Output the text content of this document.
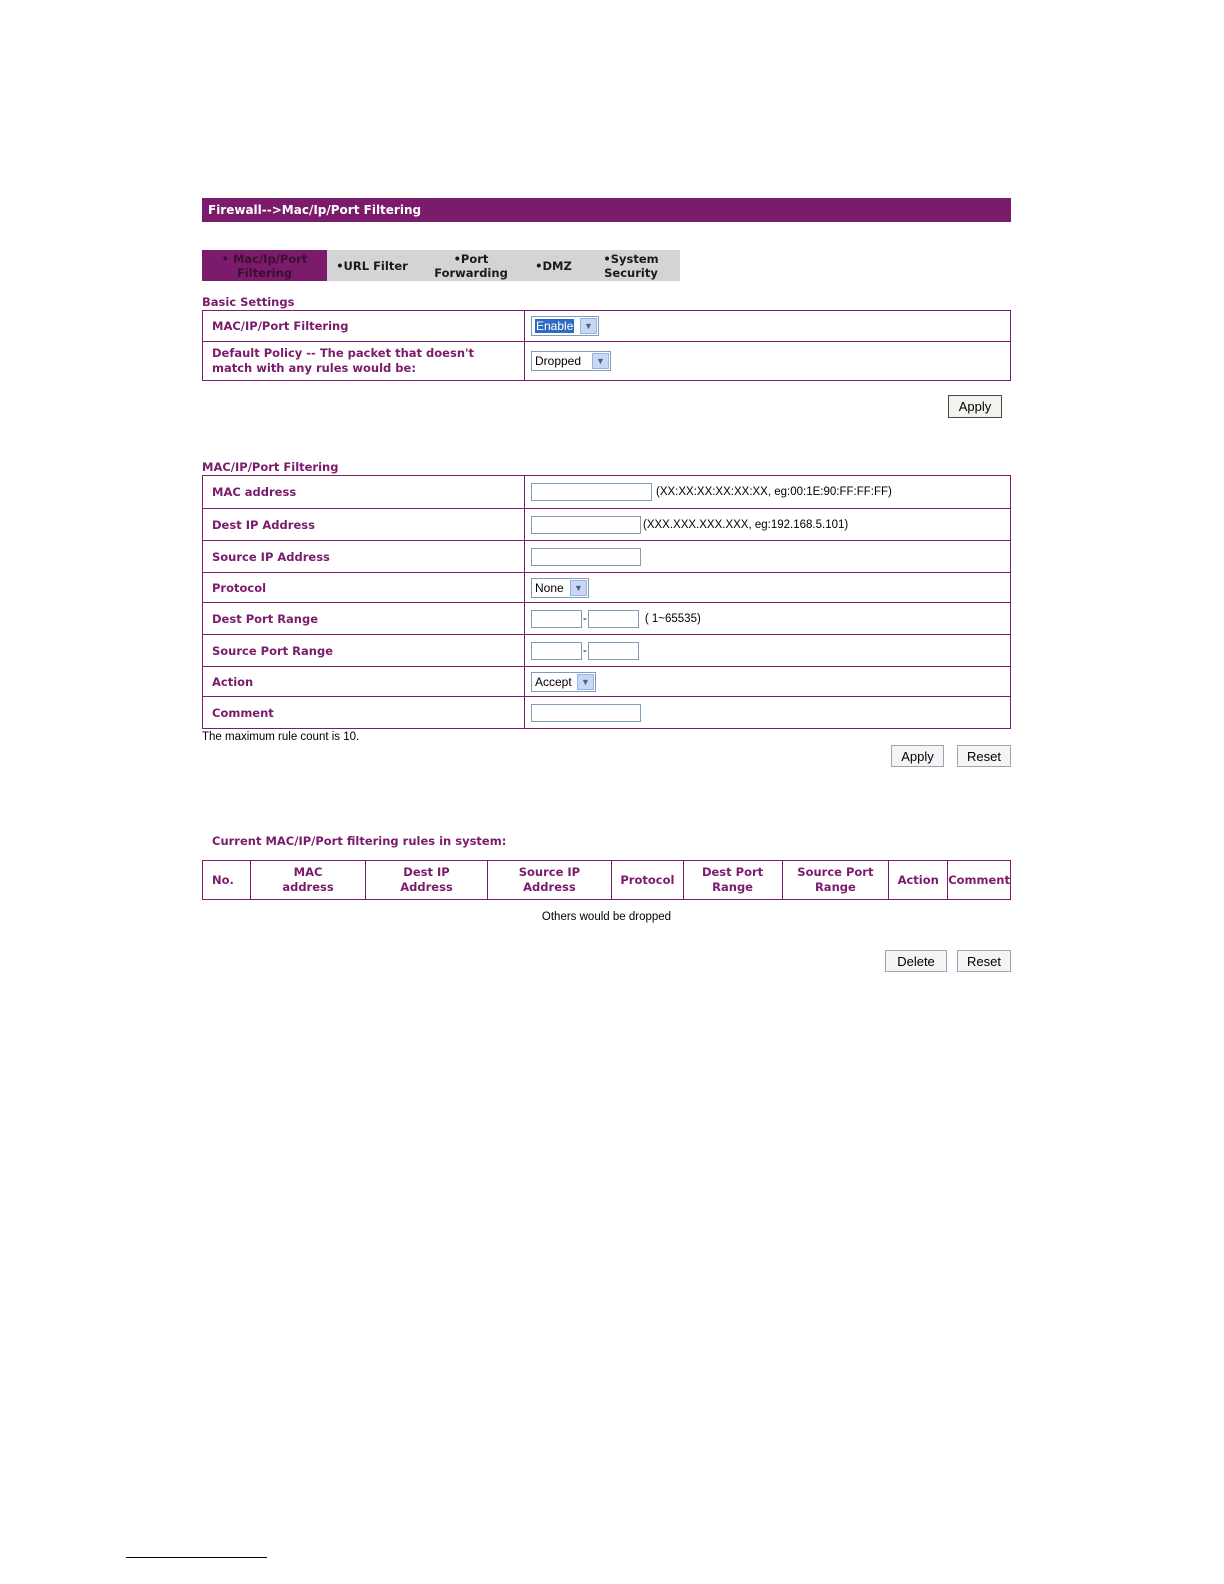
Firewall-->Mac/Ip/Port Filtering
• Mac/Ip/Port Filtering	•URL Filter	•Port Forwarding	•DMZ	•System Security
Basic Settings
MAC/IP/Port Filtering	Enable ▼

Default Policy -- The packet that doesn't match with any rules would be:	Dropped ▼
Apply
MAC/IP/Port Filtering
MAC address	(XX:XX:XX:XX:XX:XX, eg:00:1E:90:FF:FF:FF)
Dest IP Address	(XXX.XXX.XXX.XXX, eg:192.168.5.101)
Source IP Address	
Protocol	None ▼

Dest Port Range	- ( 1~65535)
Source Port Range	-
Action	Accept ▼

Comment	
The maximum rule count is 10.
Apply	Reset
Current MAC/IP/Port filtering rules in system:
No.	MAC address	Dest IP Address	Source IP Address	Protocol	Dest Port Range	Source Port Range	Action	Comment
Others would be dropped
Delete	Reset
